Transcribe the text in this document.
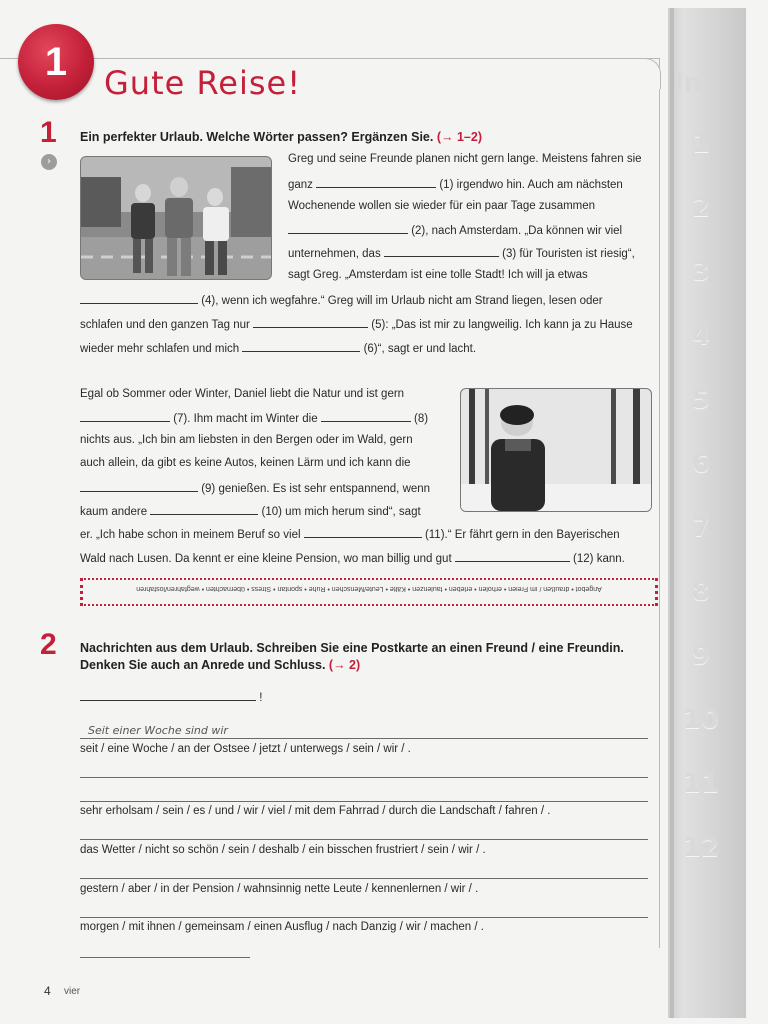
In
1
2
3
4
5
6
7
8
9
10
11
12
1	Gute Reise!
1 Ein perfekter Urlaub. Welche Wörter passen? Ergänzen Sie. (→ 1–2)
›	Greg und seine Freunde planen nicht gern lange. Meistens fahren sie
ganz	(1) irgendwo hin. Auch am nächsten
Wochenende wollen sie wieder für ein paar Tage zusammen
(2), nach Amsterdam. „Da können wir viel
unternehmen, das	(3) für Touristen ist riesig“,
sagt Greg. „Amsterdam ist eine tolle Stadt! Ich will ja etwas
(4), wenn ich wegfahre.“ Greg will im Urlaub nicht am Strand liegen, lesen oder
schlafen und den ganzen Tag nur	(5): „Das ist mir zu langweilig. Ich kann ja zu Hause
wieder mehr schlafen und mich	(6)“, sagt er und lacht.
Egal ob Sommer oder Winter, Daniel liebt die Natur und ist gern
(7). Ihm macht im Winter die	(8)
nichts aus. „Ich bin am liebsten in den Bergen oder im Wald, gern
auch allein, da gibt es keine Autos, keinen Lärm und ich kann die
(9) genießen. Es ist sehr entspannend, wenn
kaum andere	(10) um mich herum sind“, sagt
er. „Ich habe schon in meinem Beruf so viel	(11).“ Er fährt gern in den Bayerischen
Wald nach Lusen. Da kennt er eine kleine Pension, wo man billig und gut	(12) kann.
Angebot • draußen / im Freien • erholen • erleben • faulenzen • Kälte • Leute/Menschen • Ruhe • spontan • Stress • übernachten • wegfahren/losfahren
2 Nachrichten aus dem Urlaub. Schreiben Sie eine Postkarte an einen Freund / eine Freundin.
Denken Sie auch an Anrede und Schluss. (→ 2)
!
Seit einer Woche sind wir
seit / eine Woche / an der Ostsee / jetzt / unterwegs / sein / wir / .
sehr erholsam / sein / es / und / wir / viel / mit dem Fahrrad / durch die Landschaft / fahren / .
das Wetter / nicht so schön / sein / deshalb / ein bisschen frustriert / sein / wir / .
gestern / aber / in der Pension / wahnsinnig nette Leute / kennenlernen / wir / .
morgen / mit ihnen / gemeinsam / einen Ausflug / nach Danzig / wir / machen / .
4 vier
